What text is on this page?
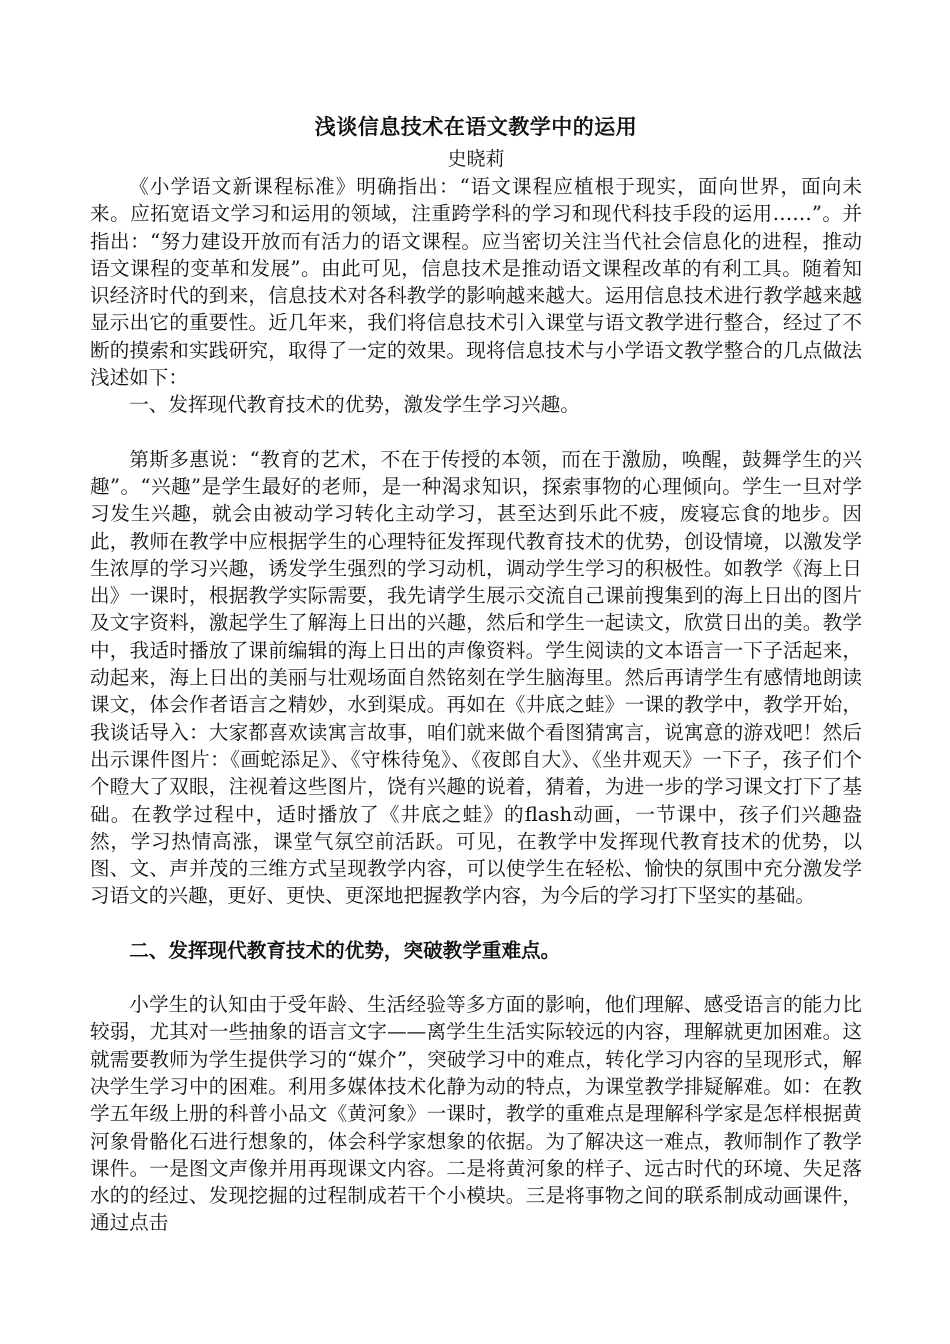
浅谈信息技术在语文教学中的运用
史晓莉

《小学语文新课程标准》明确指出：“语文课程应植根于现实，面向世界，面向未来。应拓宽语文学习和运用的领域，注重跨学科的学习和现代科技手段的运用……”。并指出：“努力建设开放而有活力的语文课程。应当密切关注当代社会信息化的进程，推动语文课程的变革和发展”。由此可见，信息技术是推动语文课程改革的有利工具。随着知识经济时代的到来，信息技术对各科教学的影响越来越大。运用信息技术进行教学越来越显示出它的重要性。近几年来，我们将信息技术引入课堂与语文教学进行整合，经过了不断的摸索和实践研究，取得了一定的效果。现将信息技术与小学语文教学整合的几点做法浅述如下：

一、发挥现代教育技术的优势，激发学生学习兴趣。

第斯多惠说：“教育的艺术，不在于传授的本领，而在于激励，唤醒，鼓舞学生的兴趣”。“兴趣”是学生最好的老师，是一种渴求知识，探索事物的心理倾向。学生一旦对学习发生兴趣，就会由被动学习转化主动学习，甚至达到乐此不疲，废寝忘食的地步。因此，教师在教学中应根据学生的心理特征发挥现代教育技术的优势，创设情境，以激发学生浓厚的学习兴趣，诱发学生强烈的学习动机，调动学生学习的积极性。如教学《海上日出》一课时，根据教学实际需要，我先请学生展示交流自己课前搜集到的海上日出的图片及文字资料，激起学生了解海上日出的兴趣，然后和学生一起读文，欣赏日出的美。教学中，我适时播放了课前编辑的海上日出的声像资料。学生阅读的文本语言一下子活起来，动起来，海上日出的美丽与壮观场面自然铭刻在学生脑海里。然后再请学生有感情地朗读课文，体会作者语言之精妙，水到渠成。再如在《井底之蛙》一课的教学中，教学开始，我谈话导入：大家都喜欢读寓言故事，咱们就来做个看图猜寓言，说寓意的游戏吧！然后出示课件图片：《画蛇添足》、《守株待兔》、《夜郎自大》、《坐井观天》一下子，孩子们个个瞪大了双眼，注视着这些图片，饶有兴趣的说着，猜着，为进一步的学习课文打下了基础。在教学过程中，适时播放了《井底之蛙》的flash动画，一节课中，孩子们兴趣盎然，学习热情高涨，课堂气氛空前活跃。可见，在教学中发挥现代教育技术的优势，以图、文、声并茂的三维方式呈现教学内容，可以使学生在轻松、愉快的氛围中充分激发学习语文的兴趣，更好、更快、更深地把握教学内容，为今后的学习打下坚实的基础。

二、发挥现代教育技术的优势，突破教学重难点。

小学生的认知由于受年龄、生活经验等多方面的影响，他们理解、感受语言的能力比较弱，尤其对一些抽象的语言文字——离学生生活实际较远的内容，理解就更加困难。这就需要教师为学生提供学习的“媒介”，突破学习中的难点，转化学习内容的呈现形式，解决学生学习中的困难。利用多媒体技术化静为动的特点，为课堂教学排疑解难。如：在教学五年级上册的科普小品文《黄河象》一课时，教学的重难点是理解科学家是怎样根据黄河象骨骼化石进行想象的，体会科学家想象的依据。为了解决这一难点，教师制作了教学课件。一是图文声像并用再现课文内容。二是将黄河象的样子、远古时代的环境、失足落水的的经过、发现挖掘的过程制成若干个小模块。三是将事物之间的联系制成动画课件，通过点击
